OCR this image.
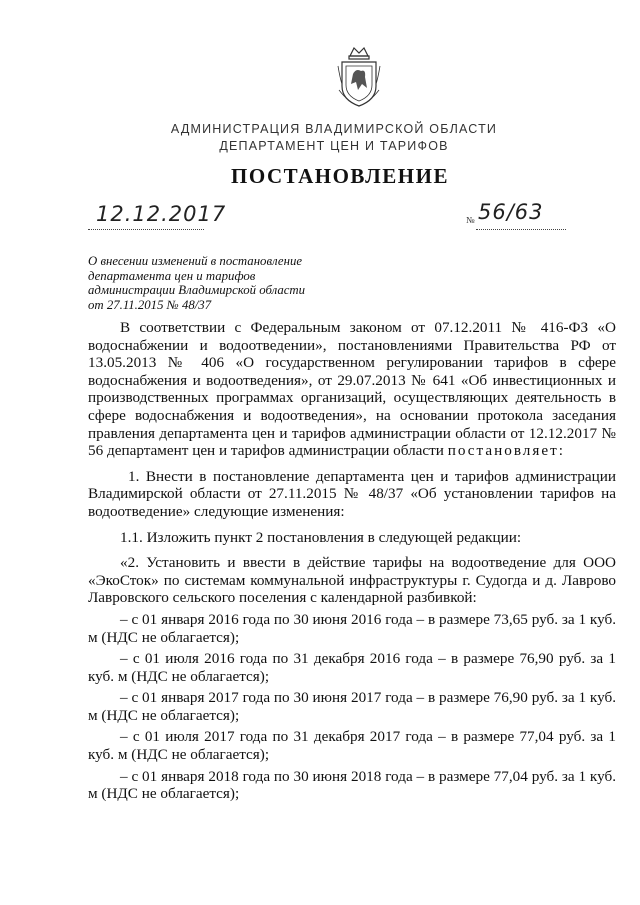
АДМИНИСТРАЦИЯ ВЛАДИМИРСКОЙ ОБЛАСТИ
ДЕПАРТАМЕНТ ЦЕН И ТАРИФОВ
ПОСТАНОВЛЕНИЕ
12.12.2017	№ 56/63
О внесении изменений в постановление
департамента цен и тарифов
администрации Владимирской области
от 27.11.2015 № 48/37

В соответствии с Федеральным законом от 07.12.2011 № 416-ФЗ «О водоснабжении и водоотведении», постановлениями Правительства РФ от 13.05.2013 № 406 «О государственном регулировании тарифов в сфере водоснабжения и водоотведения», от 29.07.2013 № 641 «Об инвестиционных и производственных программах организаций, осуществляющих деятельность в сфере водоснабжения и водоотведения», на основании протокола заседания правления департамента цен и тарифов администрации области от 12.12.2017 № 56 департамент цен и тарифов администрации области постановляет:

1. Внести в постановление департамента цен и тарифов администрации Владимирской области от 27.11.2015 № 48/37 «Об установлении тарифов на водоотведение» следующие изменения:

1.1. Изложить пункт 2 постановления в следующей редакции:

«2. Установить и ввести в действие тарифы на водоотведение для ООО «ЭкоСток» по системам коммунальной инфраструктуры г. Судогда и д. Лаврово Лавровского сельского поселения с календарной разбивкой:

– с 01 января 2016 года по 30 июня 2016 года – в размере 73,65 руб. за 1 куб. м (НДС не облагается);
– с 01 июля 2016 года по 31 декабря 2016 года – в размере 76,90 руб. за 1 куб. м (НДС не облагается);
– с 01 января 2017 года по 30 июня 2017 года – в размере 76,90 руб. за 1 куб. м (НДС не облагается);
– с 01 июля 2017 года по 31 декабря 2017 года – в размере 77,04 руб. за 1 куб. м (НДС не облагается);
– с 01 января 2018 года по 30 июня 2018 года – в размере 77,04 руб. за 1 куб. м (НДС не облагается);
